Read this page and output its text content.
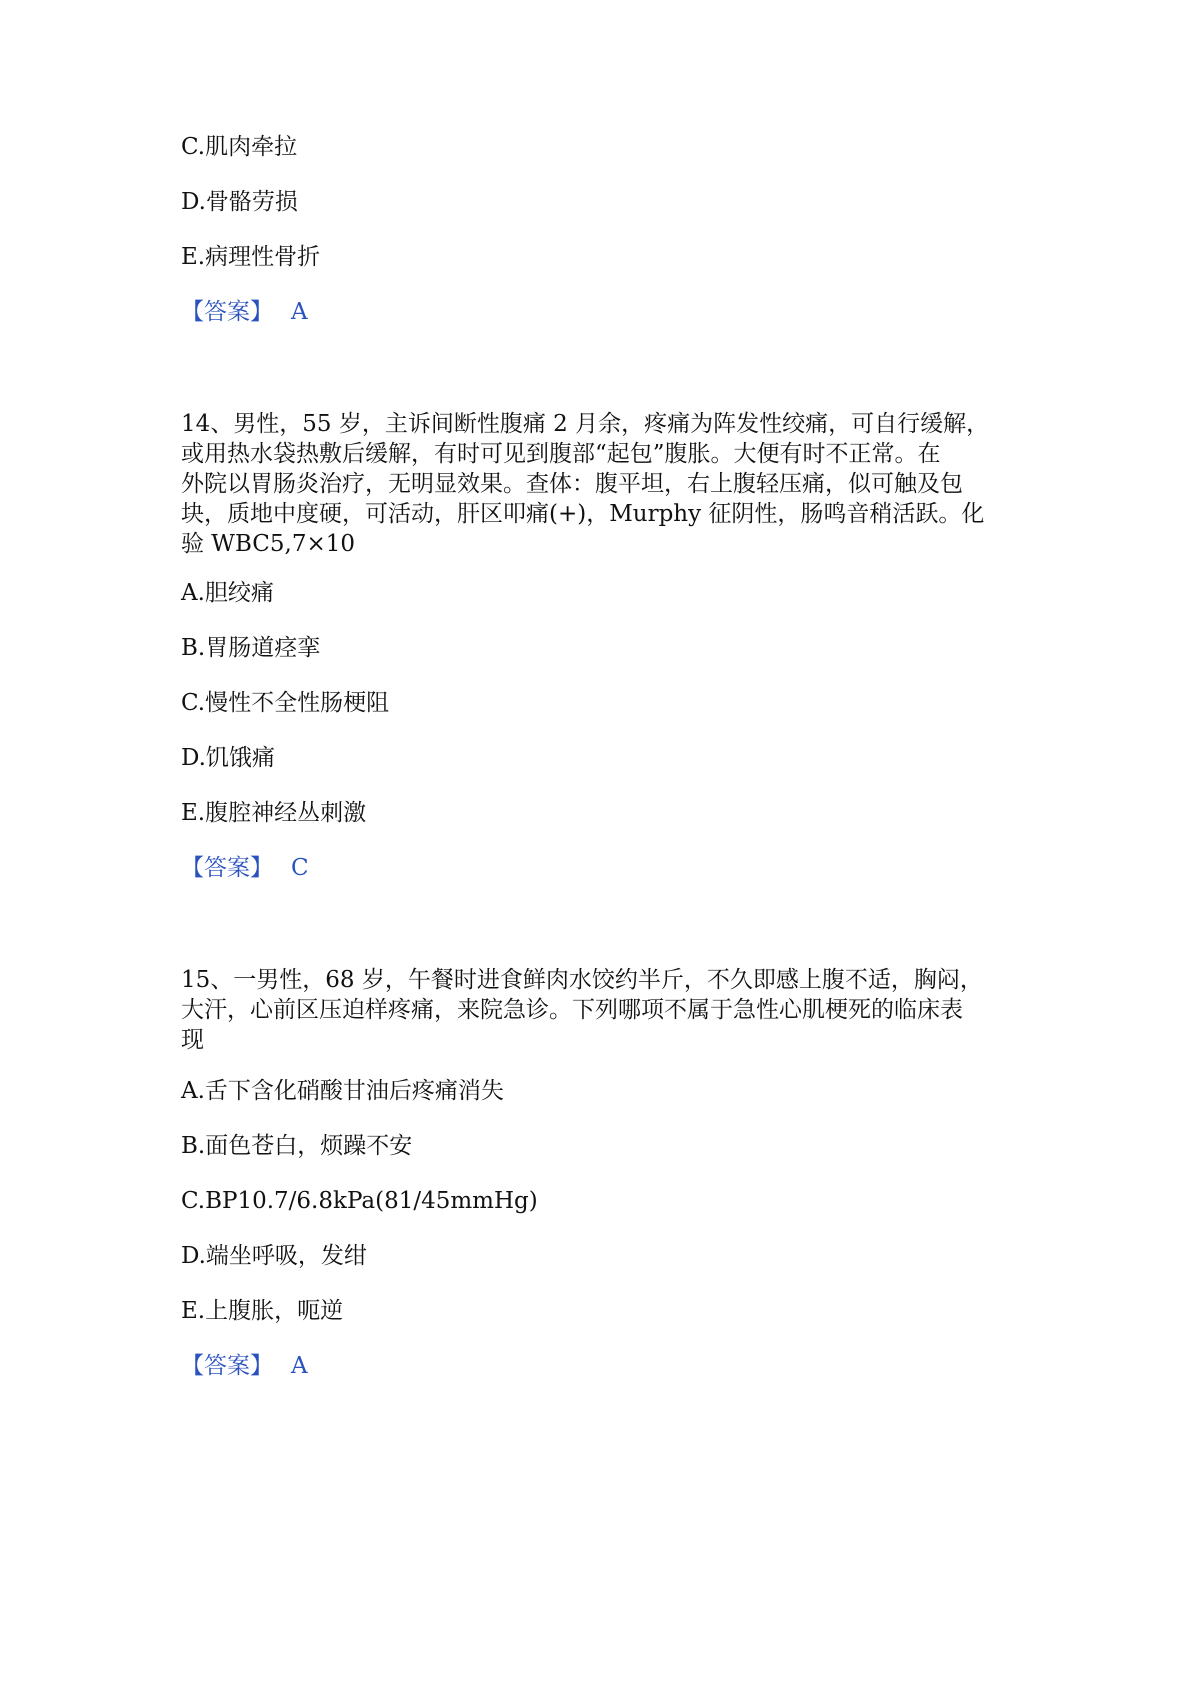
C.肌肉牵拉
D.骨骼劳损
E.病理性骨折
【答案】 A
14、男性，55 岁，主诉间断性腹痛 2 月余，疼痛为阵发性绞痛，可自行缓解，
或用热水袋热敷后缓解，有时可见到腹部“起包”腹胀。大便有时不正常。在
外院以胃肠炎治疗，无明显效果。查体：腹平坦，右上腹轻压痛，似可触及包
块，质地中度硬，可活动，肝区叩痛(+)，Murphy 征阴性，肠鸣音稍活跃。化
验 WBC5,7×10
A.胆绞痛
B.胃肠道痉挛
C.慢性不全性肠梗阻
D.饥饿痛
E.腹腔神经丛刺激
【答案】 C
15、一男性，68 岁，午餐时进食鲜肉水饺约半斤，不久即感上腹不适，胸闷，
大汗，心前区压迫样疼痛，来院急诊。下列哪项不属于急性心肌梗死的临床表
现
A.舌下含化硝酸甘油后疼痛消失
B.面色苍白，烦躁不安
C.BP10.7/6.8kPa(81/45mmHg)
D.端坐呼吸，发绀
E.上腹胀，呃逆
【答案】 A
